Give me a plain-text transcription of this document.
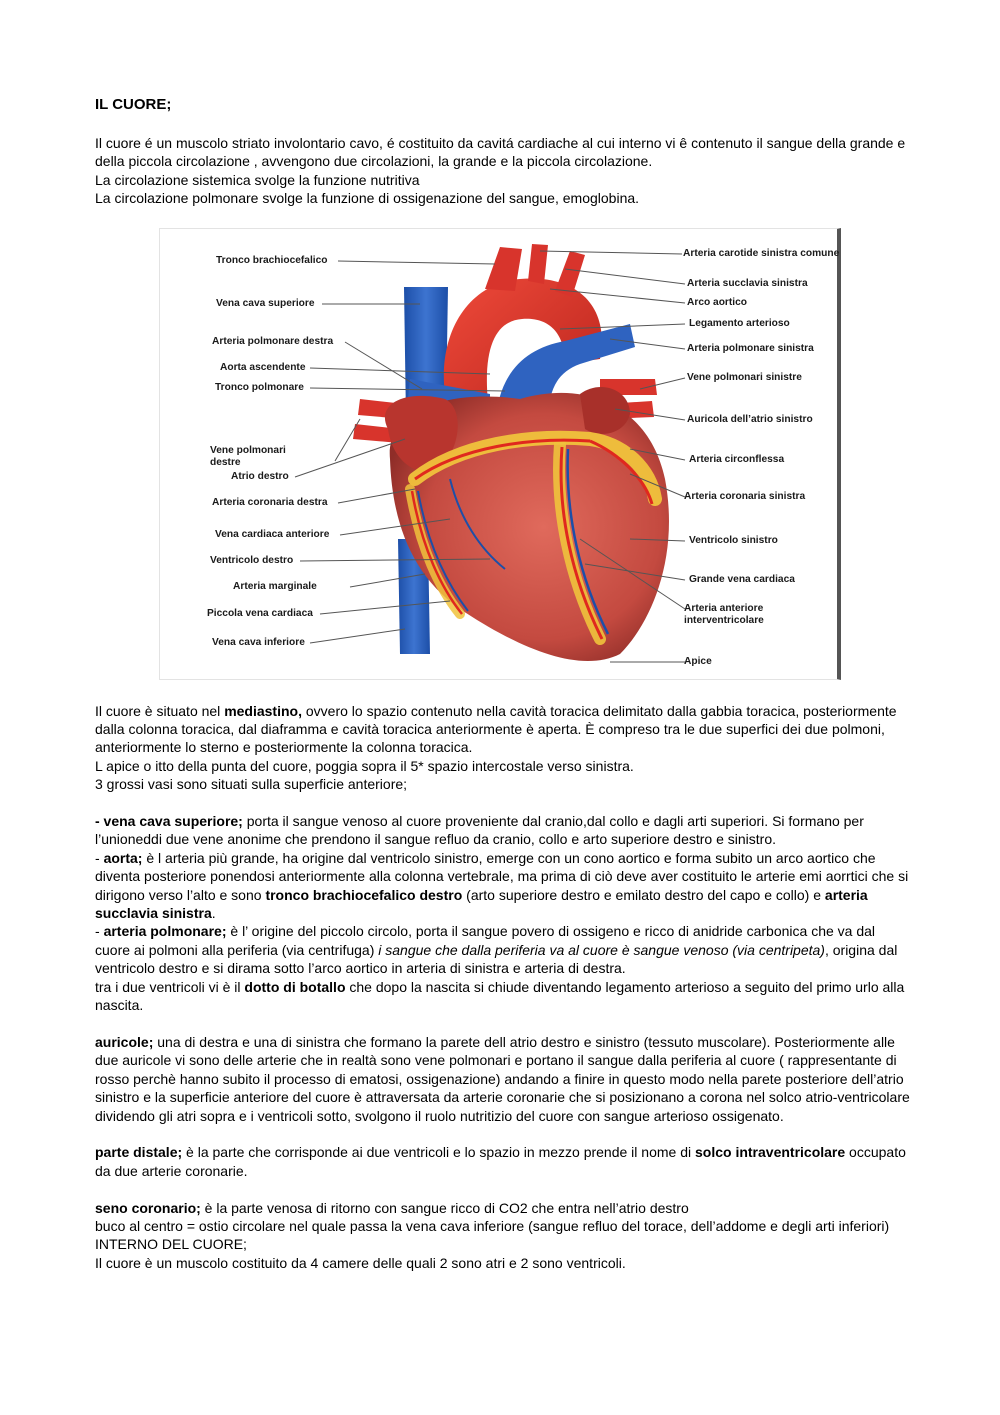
IL CUORE;

Il cuore é un muscolo striato involontario cavo, é costituito da cavitá cardiache al cui interno vi ê contenuto il sangue della grande e della piccola circolazione , avvengono due circolazioni, la grande e la piccola circolazione.

La circolazione sistemica svolge la funzione nutritiva

La circolazione polmonare svolge la funzione di ossigenazione del sangue, emoglobina.

Tronco brachiocefalico
Vena cava superiore
Arteria polmonare destra
Aorta ascendente
Tronco polmonare
Vene polmonari destre
Atrio destro
Arteria coronaria destra
Vena cardiaca anteriore
Ventricolo destro
Arteria marginale
Piccola vena cardiaca
Vena cava inferiore
Arteria carotide sinistra comune
Arteria succlavia sinistra
Arco aortico
Legamento arterioso
Arteria polmonare sinistra
Vene polmonari sinistre
Auricola dell’atrio sinistro
Arteria circonflessa
Arteria coronaria sinistra
Ventricolo sinistro
Grande vena cardiaca
Arteria anteriore interventricolare
Apice

Il cuore è situato nel mediastino, ovvero lo spazio contenuto nella cavità toracica delimitato dalla gabbia toracica, posteriormente dalla colonna toracica, dal diaframma e cavità toracica anteriormente è aperta. È compreso tra le due superfici dei due polmoni, anteriormente lo sterno e posteriormente la colonna toracica.

L apice o itto della punta del cuore, poggia sopra il 5* spazio intercostale verso sinistra.

3 grossi vasi sono situati sulla superficie anteriore;

- vena cava superiore; porta il sangue venoso al cuore proveniente dal cranio,dal collo e dagli arti superiori. Si formano per l’unioneddi due vene anonime che prendono il sangue refluo da cranio, collo e arto superiore destro e sinistro.

- aorta; è l arteria più grande, ha origine dal ventricolo sinistro, emerge con un cono aortico e forma subito un arco aortico che diventa posteriore ponendosi anteriormente alla colonna vertebrale, ma prima di ciò deve aver costituito le arterie emi aorrtici che si dirigono verso l’alto e sono tronco brachiocefalico destro (arto superiore destro e emilato destro del capo e collo) e arteria succlavia sinistra.

- arteria polmonare; è l’ origine del piccolo circolo, porta il sangue povero di ossigeno e ricco di anidride carbonica che va dal cuore ai polmoni alla periferia (via centrifuga) i sangue che dalla periferia va al cuore è sangue venoso (via centripeta), origina dal ventricolo destro e si dirama sotto l’arco aortico in arteria di sinistra e arteria di destra.

tra i due ventricoli vi è il dotto di botallo che dopo la nascita si chiude diventando legamento arterioso a seguito del primo urlo alla nascita.

auricole; una di destra e una di sinistra che formano la parete dell atrio destro e sinistro (tessuto muscolare). Posteriormente alle due auricole vi sono delle arterie che in realtà sono vene polmonari e portano il sangue dalla periferia al cuore ( rappresentante di rosso perchè hanno subito il processo di ematosi, ossigenazione) andando a finire in questo modo nella parete posteriore dell’atrio sinistro e la superficie anteriore del cuore è attraversata da arterie coronarie che si posizionano a corona nel solco atrio-ventricolare dividendo gli atri sopra e i ventricoli sotto, svolgono il ruolo nutritizio del cuore con sangue arterioso ossigenato.

parte distale; è la parte che corrisponde ai due ventricoli e lo spazio in mezzo prende il nome di solco intraventricolare occupato da due arterie coronarie.

seno coronario; è la parte venosa di ritorno con sangue ricco di CO2 che entra nell’atrio destro

buco al centro = ostio circolare nel quale passa la vena cava inferiore (sangue refluo del torace, dell’addome e degli arti inferiori)

INTERNO DEL CUORE;

Il cuore è un muscolo costituito da 4 camere delle quali 2 sono atri e 2 sono ventricoli.
